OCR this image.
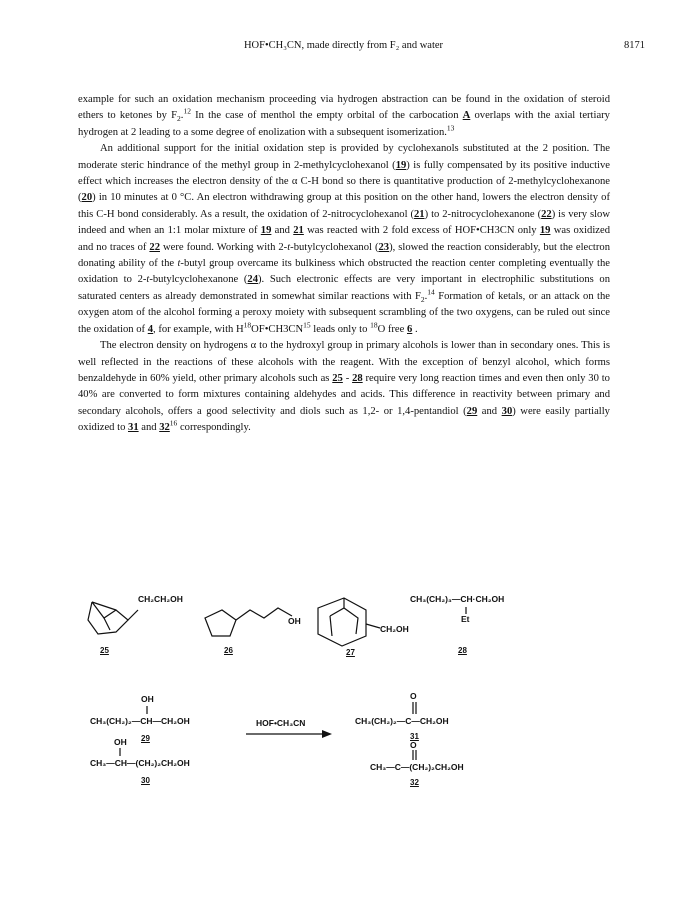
HOF•CH₃CN, made directly from F₂ and water	8171

example for such an oxidation mechanism proceeding via hydrogen abstraction can be found in the oxidation of steroid ethers to ketones by $F_2.^{12}$ In the case of menthol the empty orbital of the carbocation A overlaps with the axial tertiary hydrogen at 2 leading to a some degree of enolization with a subsequent isomerization.$^{13}$

An additional support for the initial oxidation step is provided by cyclohexanols substituted at the 2 position. The moderate steric hindrance of the methyl group in 2-methylcyclohexanol (19) is fully compensated by its positive inductive effect which increases the electron density of the α C-H bond so there is quantitative production of 2-methylcyclohexanone (20) in 10 minutes at 0 °C. An electron withdrawing group at this position on the other hand, lowers the electron density of this C-H bond considerably. As a result, the oxidation of 2-nitrocyclohexanol (21) to 2-nitrocyclohexanone (22) is very slow indeed and when an 1:1 molar mixture of 19 and 21 was reacted with 2 fold excess of HOF•CH3CN only 19 was oxidized and no traces of 22 were found. Working with 2-t-butylcyclohexanol (23), slowed the reaction considerably, but the electron donating ability of the t-butyl group overcame its bulkiness which obstructed the reaction center completing eventually the oxidation to 2-t-butylcyclohexanone (24). Such electronic effects are very important in electrophilic substitutions on saturated centers as already demonstrated in somewhat similar reactions with $F_2.^{14}$ Formation of ketals, or an attack on the oxygen atom of the alcohol forming a peroxy moiety with subsequent scrambling of the two oxygens, can be ruled out since the oxidation of 4, for example, with $H^{18}OF•CH3CN^{15}$ leads only to $^{18}$O free 6 .

The electron density on hydrogens α to the hydroxyl group in primary alcohols is lower than in secondary ones. This is well reflected in the reactions of these alcohols with the reagent. With the exception of benzyl alcohol, which forms benzaldehyde in 60% yield, other primary alcohols such as 25 - 28 require very long reaction times and even then only 30 to 40% are converted to form mixtures containing aldehydes and acids. This difference in reactivity between primary and secondary alcohols, offers a good selectivity and diols such as 1,2- or 1,4-pentandiol (29 and 30) were easily partially oxidized to 31 and $32^{16}$ correspondingly.

CH₂CH₂OH
25
OH
26
CH₂OH
27
CH₃(CH₂)₃—CH·CH₂OH
Et
28
OH
CH₃(CH₂)₂—CH—CH₂OH
29
OH
CH₃—CH—(CH₂)₂CH₂OH
30
HOF•CH₃CN
O
CH₃(CH₂)₂—C—CH₂OH
31
O
CH₃—C—(CH₂)₂CH₂OH
32
